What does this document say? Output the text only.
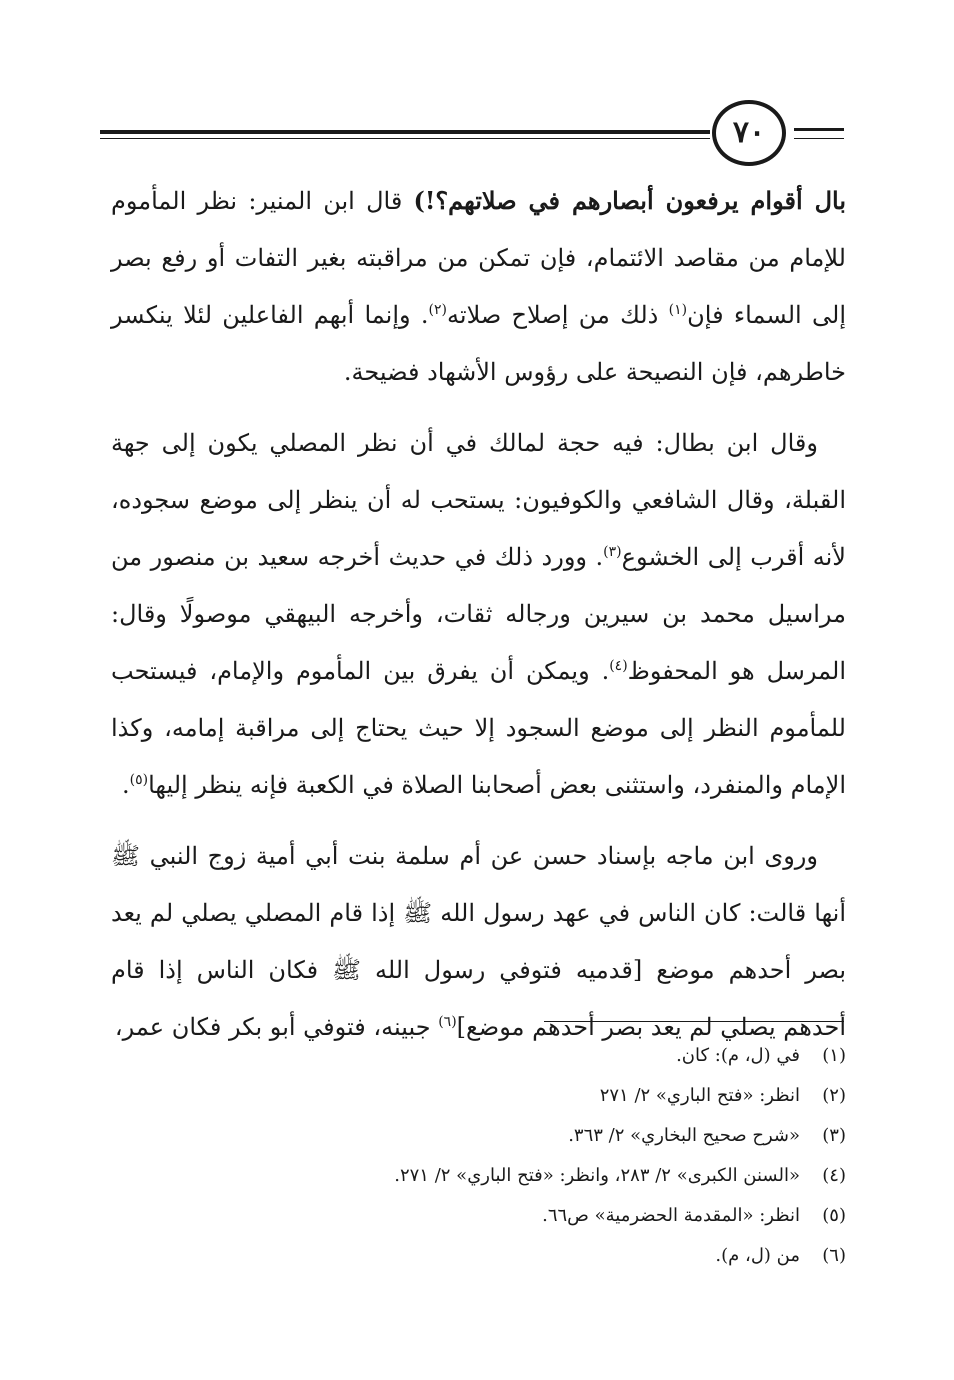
٧٠

بال أقوام يرفعون أبصارهم في صلاتهم؟!) قال ابن المنير: نظر المأموم للإمام من مقاصد الائتمام، فإن تمكن من مراقبته بغير التفات أو رفع بصر إلى السماء فإن$^{(١)}$ ذلك من إصلاح صلاته$^{(٢)}$. وإنما أبهم الفاعلين لئلا ينكسر خاطرهم، فإن النصيحة على رؤوس الأشهاد فضيحة.

وقال ابن بطال: فيه حجة لمالك في أن نظر المصلي يكون إلى جهة القبلة، وقال الشافعي والكوفيون: يستحب له أن ينظر إلى موضع سجوده، لأنه أقرب إلى الخشوع$^{(٣)}$. وورد ذلك في حديث أخرجه سعيد بن منصور من مراسيل محمد بن سيرين ورجاله ثقات، وأخرجه البيهقي موصولًا وقال: المرسل هو المحفوظ$^{(٤)}$. ويمكن أن يفرق بين المأموم والإمام، فيستحب للمأموم النظر إلى موضع السجود إلا حيث يحتاج إلى مراقبة إمامه، وكذا الإمام والمنفرد، واستثنى بعض أصحابنا الصلاة في الكعبة فإنه ينظر إليها$^{(٥)}$.

وروى ابن ماجه بإسناد حسن عن أم سلمة بنت أبي أمية زوج النبي ﷺ أنها قالت: كان الناس في عهد رسول الله ﷺ إذا قام المصلي يصلي لم يعد بصر أحدهم موضع [قدميه فتوفي رسول الله ﷺ فكان الناس إذا قام أحدهم يصلي لم يعد بصر أحدهم موضع]$^{(٦)}$ جبينه، فتوفي أبو بكر فكان عمر،

(١)
في (ل، م): كان.
(٢)
انظر: «فتح الباري» ٢/ ٢٧١
(٣)
«شرح صحيح البخاري» ٢/ ٣٦٣.
(٤)
«السنن الكبرى» ٢/ ٢٨٣، وانظر: «فتح الباري» ٢/ ٢٧١.
(٥)
انظر: «المقدمة الحضرمية» ص٦٦.
(٦)
من (ل، م).
